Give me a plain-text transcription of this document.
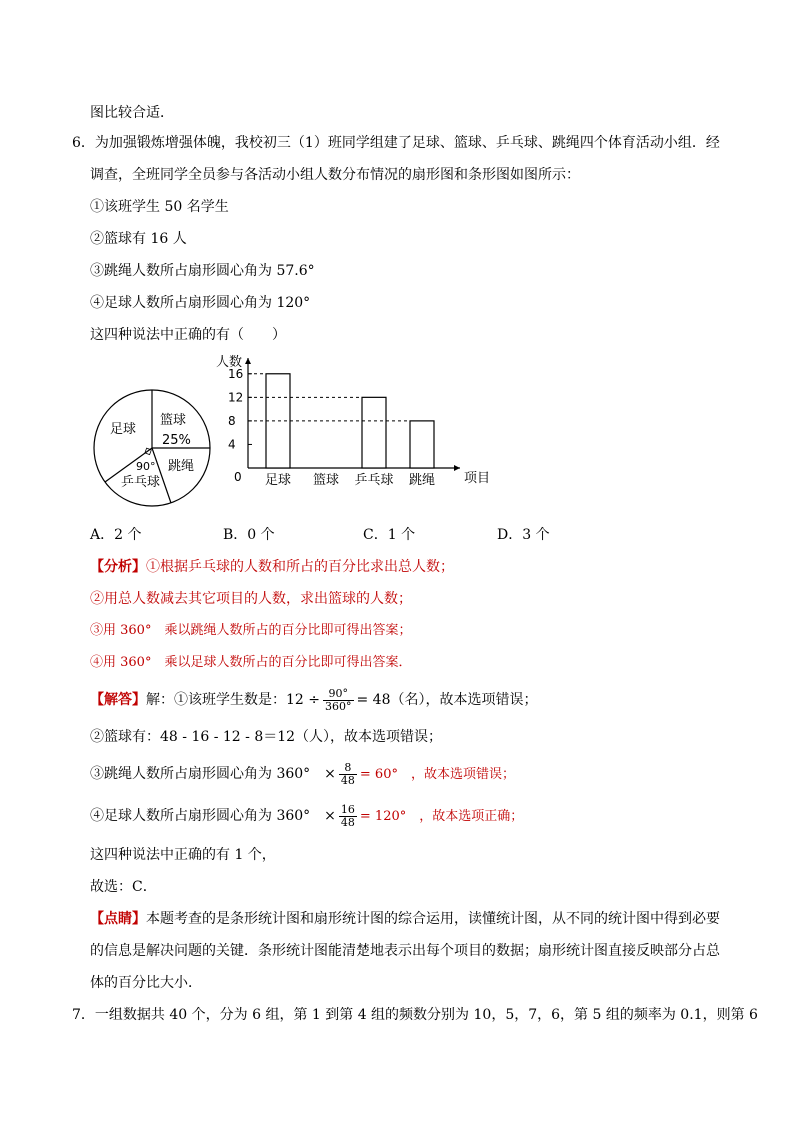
图比较合适．
6．为加强锻炼增强体魄，我校初三（1）班同学组建了足球、篮球、乒乓球、跳绳四个体育活动小组．经
调查，全班同学全员参与各活动小组人数分布情况的扇形图和条形图如图所示：
①该班学生 50 名学生
②篮球有 16 人
③跳绳人数所占扇形圆心角为 57.6°
④足球人数所占扇形圆心角为 120°
这四种说法中正确的有（　　）
足球
篮球
25%
90° 跳绳
乒乓球
人数
项目
0
4
8
12
16
足球 篮球 乒乓球 跳绳
A．2 个	B．0 个	C．1 个	D．3 个
【分析】①根据乒乓球的人数和所占的百分比求出总人数；
②用总人数减去其它项目的人数，求出篮球的人数；
③用 360°　乘以跳绳人数所占的百分比即可得出答案；
④用 360°　乘以足球人数所占的百分比即可得出答案．
【解答】解：①该班学生数是：$12 \div \frac{90^\circ}{360^\circ} = 48$（名），故本选项错误；
②篮球有：48 - 16 - 12 - 8＝12（人），故本选项错误；
③跳绳人数所占扇形圆心角为 360°　× $\frac{8}{48} = 60^\circ$　，故本选项错误；
④足球人数所占扇形圆心角为 360°　× $\frac{16}{48} = 120^\circ$　，故本选项正确；
这四种说法中正确的有 1 个，
故选：C．
【点睛】本题考查的是条形统计图和扇形统计图的综合运用，读懂统计图，从不同的统计图中得到必要
的信息是解决问题的关键．条形统计图能清楚地表示出每个项目的数据；扇形统计图直接反映部分占总
体的百分比大小．
7．一组数据共 40 个，分为 6 组，第 1 到第 4 组的频数分别为 10，5，7，6，第 5 组的频率为 0.1，则第 6
